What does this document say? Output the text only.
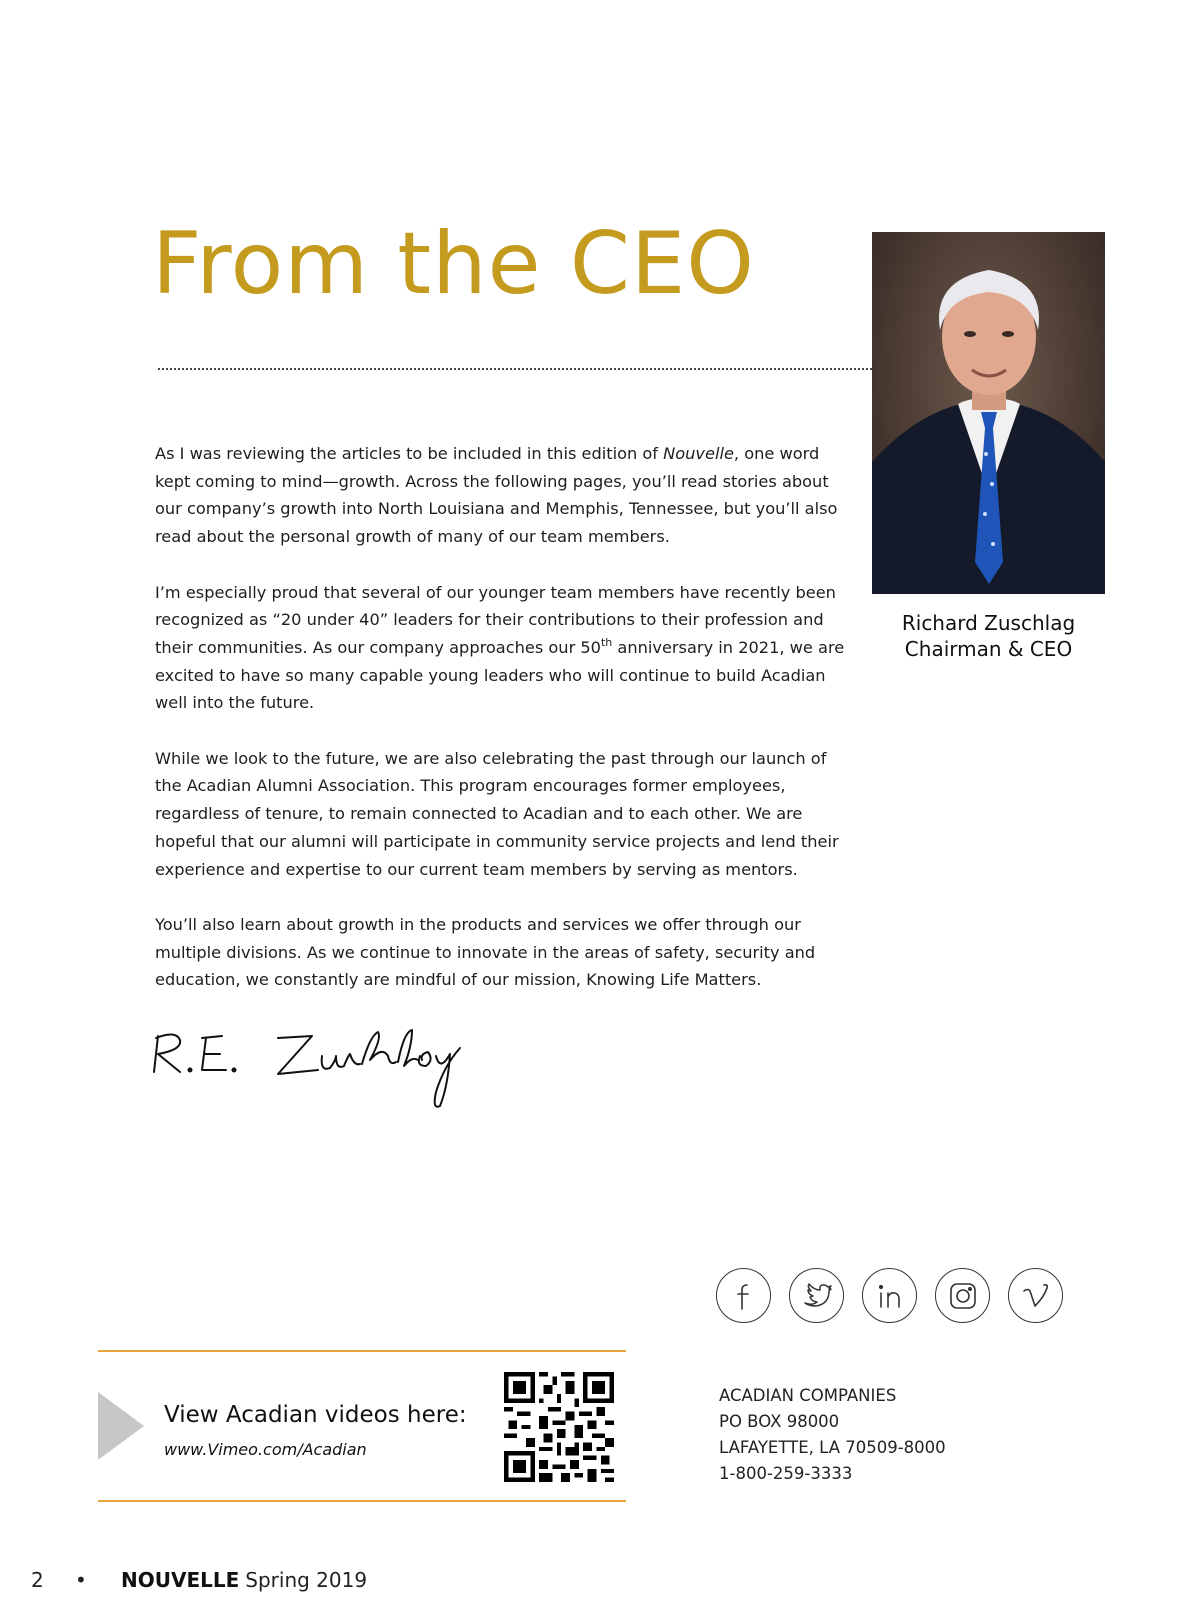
From the CEO
Richard Zuschlag
Chairman & CEO

As I was reviewing the articles to be included in this edition of Nouvelle, one word kept coming to mind—growth. Across the following pages, you’ll read stories about our company’s growth into North Louisiana and Memphis, Tennessee, but you’ll also read about the personal growth of many of our team members.

I’m especially proud that several of our younger team members have recently been recognized as “20 under 40” leaders for their contributions to their profession and their communities. As our company approaches our 50th anniversary in 2021, we are excited to have so many capable young leaders who will continue to build Acadian well into the future.

While we look to the future, we are also celebrating the past through our launch of the Acadian Alumni Association. This program encourages former employees, regardless of tenure, to remain connected to Acadian and to each other. We are hopeful that our alumni will participate in community service projects and lend their experience and expertise to our current team members by serving as mentors.

You’ll also learn about growth in the products and services we offer through our multiple divisions. As we continue to innovate in the areas of safety, security and education, we constantly are mindful of our mission, Knowing Life Matters.

View Acadian videos here:
www.Vimeo.com/Acadian
ACADIAN COMPANIES
PO BOX 98000
LAFAYETTE, LA 70509-8000
1-800-259-3333
2	•	NOUVELLE Spring 2019
